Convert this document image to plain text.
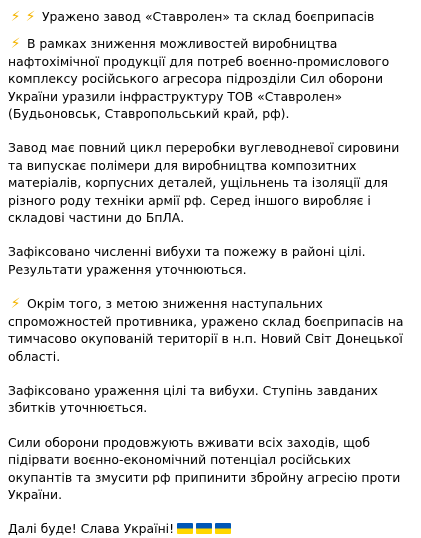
⚡ ⚡ Уражено завод «Ставролен» та склад боєприпасів

⚡ В рамках зниження можливостей виробництва нафтохімічної продукції для потреб воєнно-промислового комплексу російського агресора підрозділи Сил оборони України уразили інфраструктуру ТОВ «Ставролен» (Будьоновськ, Ставропольський край, рф).

Завод має повний цикл переробки вуглеводневої сировини та випускає полімери для виробництва композитних матеріалів, корпусних деталей, ущільнень та ізоляції для різного роду техніки армії рф. Серед іншого виробляє і складові частини до БпЛА.

Зафіксовано численні вибухи та пожежу в районі цілі. Результати ураження уточнюються.

⚡ Окрім того, з метою зниження наступальних спроможностей противника, уражено склад боєприпасів на тимчасово окупованій території в н.п. Новий Світ Донецької області.

Зафіксовано ураження цілі та вибухи. Ступінь завданих збитків уточнюється.

Сили оборони продовжують вживати всіх заходів, щоб підірвати воєнно-економічний потенціал російських окупантів та змусити рф припинити збройну агресію проти України.

Далі буде! Слава Україні!
